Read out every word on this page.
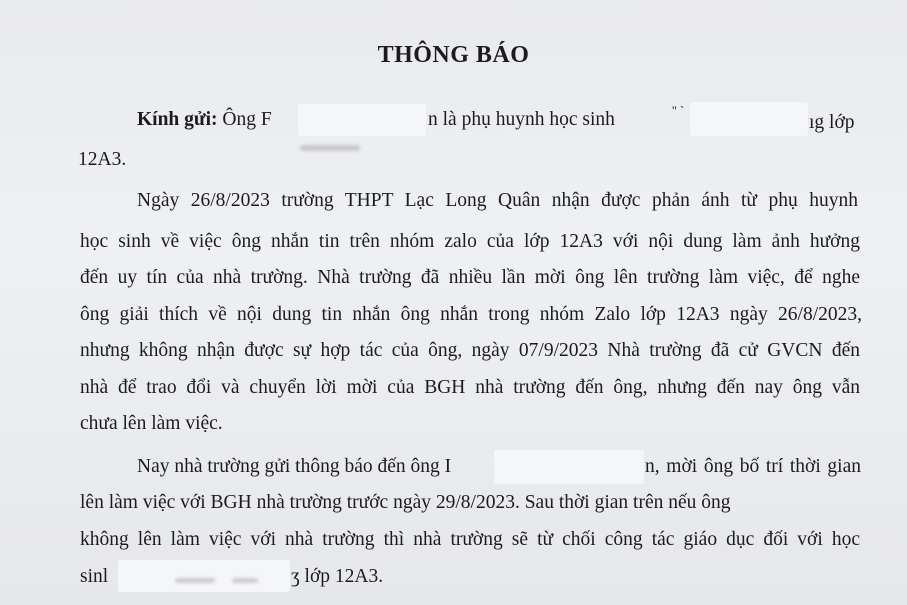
THÔNG BÁO
Kính gửi: Ông F	n là phụ huynh học sinh	'' `
ıg lớp
12A3.
Ngày 26/8/2023 trường THPT Lạc Long Quân nhận được phản ánh từ phụ huynh
học sinh về việc ông nhắn tin trên nhóm zalo của lớp 12A3 với nội dung làm ảnh hưởng
đến uy tín của nhà trường. Nhà trường đã nhiều lần mời ông lên trường làm việc, để nghe
ông giải thích về nội dung tin nhắn ông nhắn trong nhóm Zalo lớp 12A3 ngày 26/8/2023,
nhưng không nhận được sự hợp tác của ông, ngày 07/9/2023 Nhà trường đã cử GVCN đến
nhà để trao đổi và chuyển lời mời của BGH nhà trường đến ông, nhưng đến nay ông vẫn
chưa lên làm việc.
Nay nhà trường gửi thông báo đến ông I	n, mời ông bố trí thời gian
lên làm việc với BGH nhà trường trước ngày 29/8/2023. Sau thời gian trên nếu ông
không lên làm việc với nhà trường thì nhà trường sẽ từ chối công tác giáo dục đối với học
sinl	ʒ lớp 12A3.
